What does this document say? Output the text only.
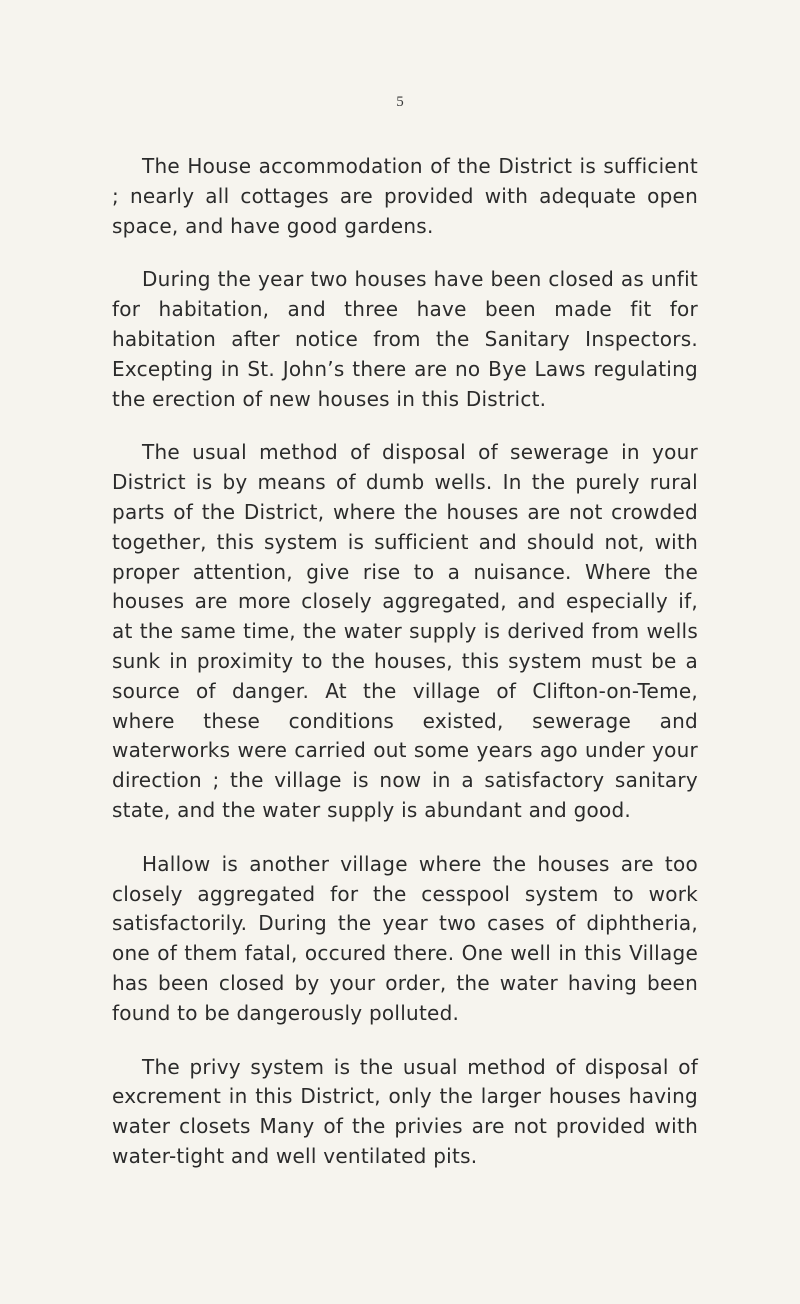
5

The House accommodation of the District is sufficient ; nearly all cottages are provided with adequate open space, and have good gardens.

During the year two houses have been closed as unfit for habitation, and three have been made fit for habitation after notice from the Sanitary Inspectors. Excepting in St. John’s there are no Bye Laws regulating the erection of new houses in this District.

The usual method of disposal of sewerage in your District is by means of dumb wells. In the purely rural parts of the District, where the houses are not crowded together, this system is sufficient and should not, with proper attention, give rise to a nuisance. Where the houses are more closely aggregated, and especially if, at the same time, the water supply is derived from wells sunk in proximity to the houses, this system must be a source of danger. At the village of Clifton-on-Teme, where these conditions existed, sewerage and waterworks were carried out some years ago under your direction ; the village is now in a satisfactory sanitary state, and the water supply is abundant and good.

Hallow is another village where the houses are too closely aggregated for the cesspool system to work satisfactorily. During the year two cases of diphtheria, one of them fatal, occured there. One well in this Village has been closed by your order, the water having been found to be dangerously polluted.

The privy system is the usual method of disposal of excrement in this District, only the larger houses having water closets Many of the privies are not provided with water-tight and well ventilated pits.
